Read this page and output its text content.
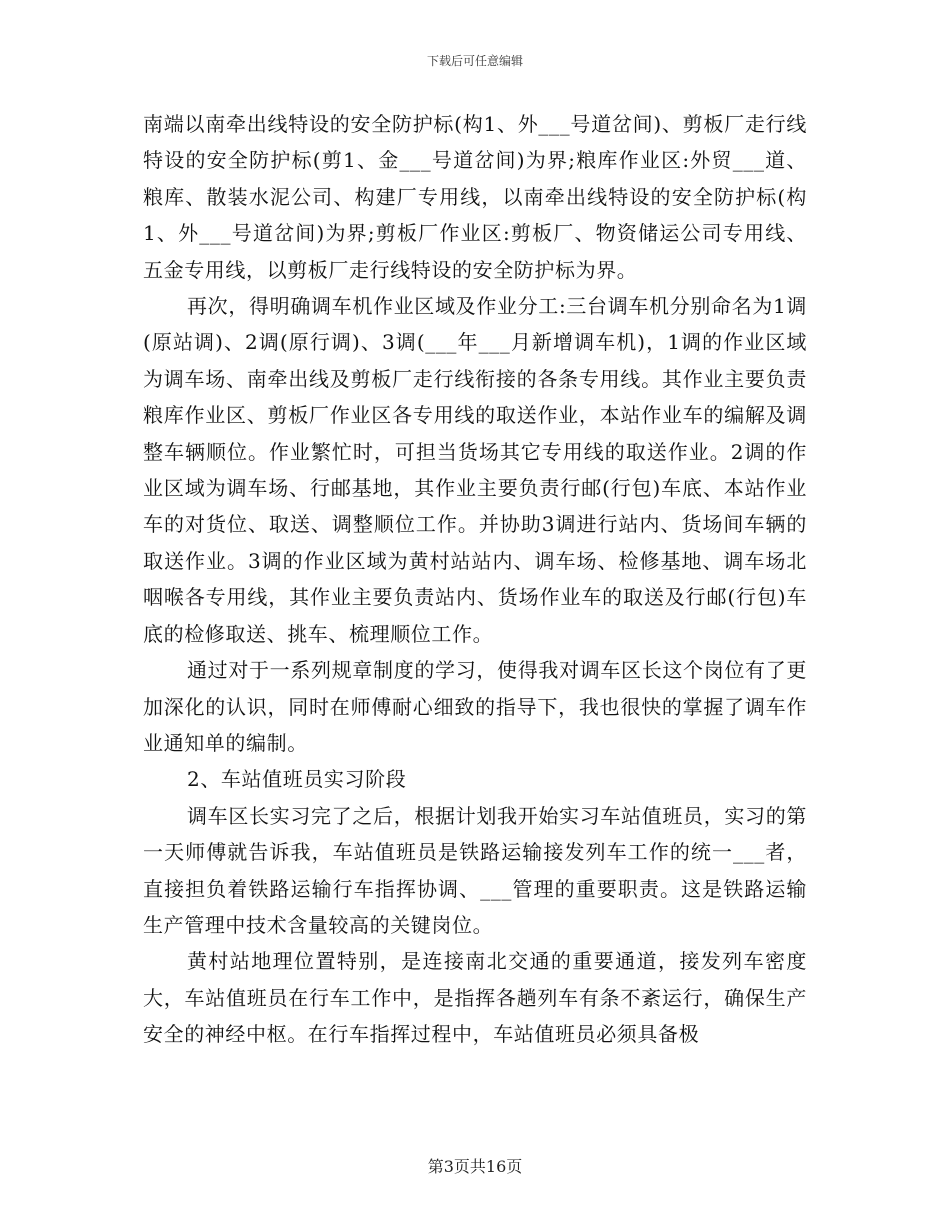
下载后可任意编辑

南端以南牵出线特设的安全防护标(构1、外___号道岔间)、剪板厂走行线特设的安全防护标(剪1、金___号道岔间)为界;粮库作业区:外贸___道、粮库、散装水泥公司、构建厂专用线，以南牵出线特设的安全防护标(构1、外___号道岔间)为界;剪板厂作业区:剪板厂、物资储运公司专用线、五金专用线，以剪板厂走行线特设的安全防护标为界。

再次，得明确调车机作业区域及作业分工:三台调车机分别命名为1调(原站调)、2调(原行调)、3调(___年___月新增调车机)，1调的作业区域为调车场、南牵出线及剪板厂走行线衔接的各条专用线。其作业主要负责粮库作业区、剪板厂作业区各专用线的取送作业，本站作业车的编解及调整车辆顺位。作业繁忙时，可担当货场其它专用线的取送作业。2调的作业区域为调车场、行邮基地，其作业主要负责行邮(行包)车底、本站作业车的对货位、取送、调整顺位工作。并协助3调进行站内、货场间车辆的取送作业。3调的作业区域为黄村站站内、调车场、检修基地、调车场北咽喉各专用线，其作业主要负责站内、货场作业车的取送及行邮(行包)车底的检修取送、挑车、梳理顺位工作。

通过对于一系列规章制度的学习，使得我对调车区长这个岗位有了更加深化的认识，同时在师傅耐心细致的指导下，我也很快的掌握了调车作业通知单的编制。

2、车站值班员实习阶段

调车区长实习完了之后，根据计划我开始实习车站值班员，实习的第一天师傅就告诉我，车站值班员是铁路运输接发列车工作的统一___者，直接担负着铁路运输行车指挥协调、___管理的重要职责。这是铁路运输生产管理中技术含量较高的关键岗位。

黄村站地理位置特别，是连接南北交通的重要通道，接发列车密度大，车站值班员在行车工作中，是指挥各趟列车有条不紊运行，确保生产安全的神经中枢。在行车指挥过程中，车站值班员必须具备极

第3页共16页
